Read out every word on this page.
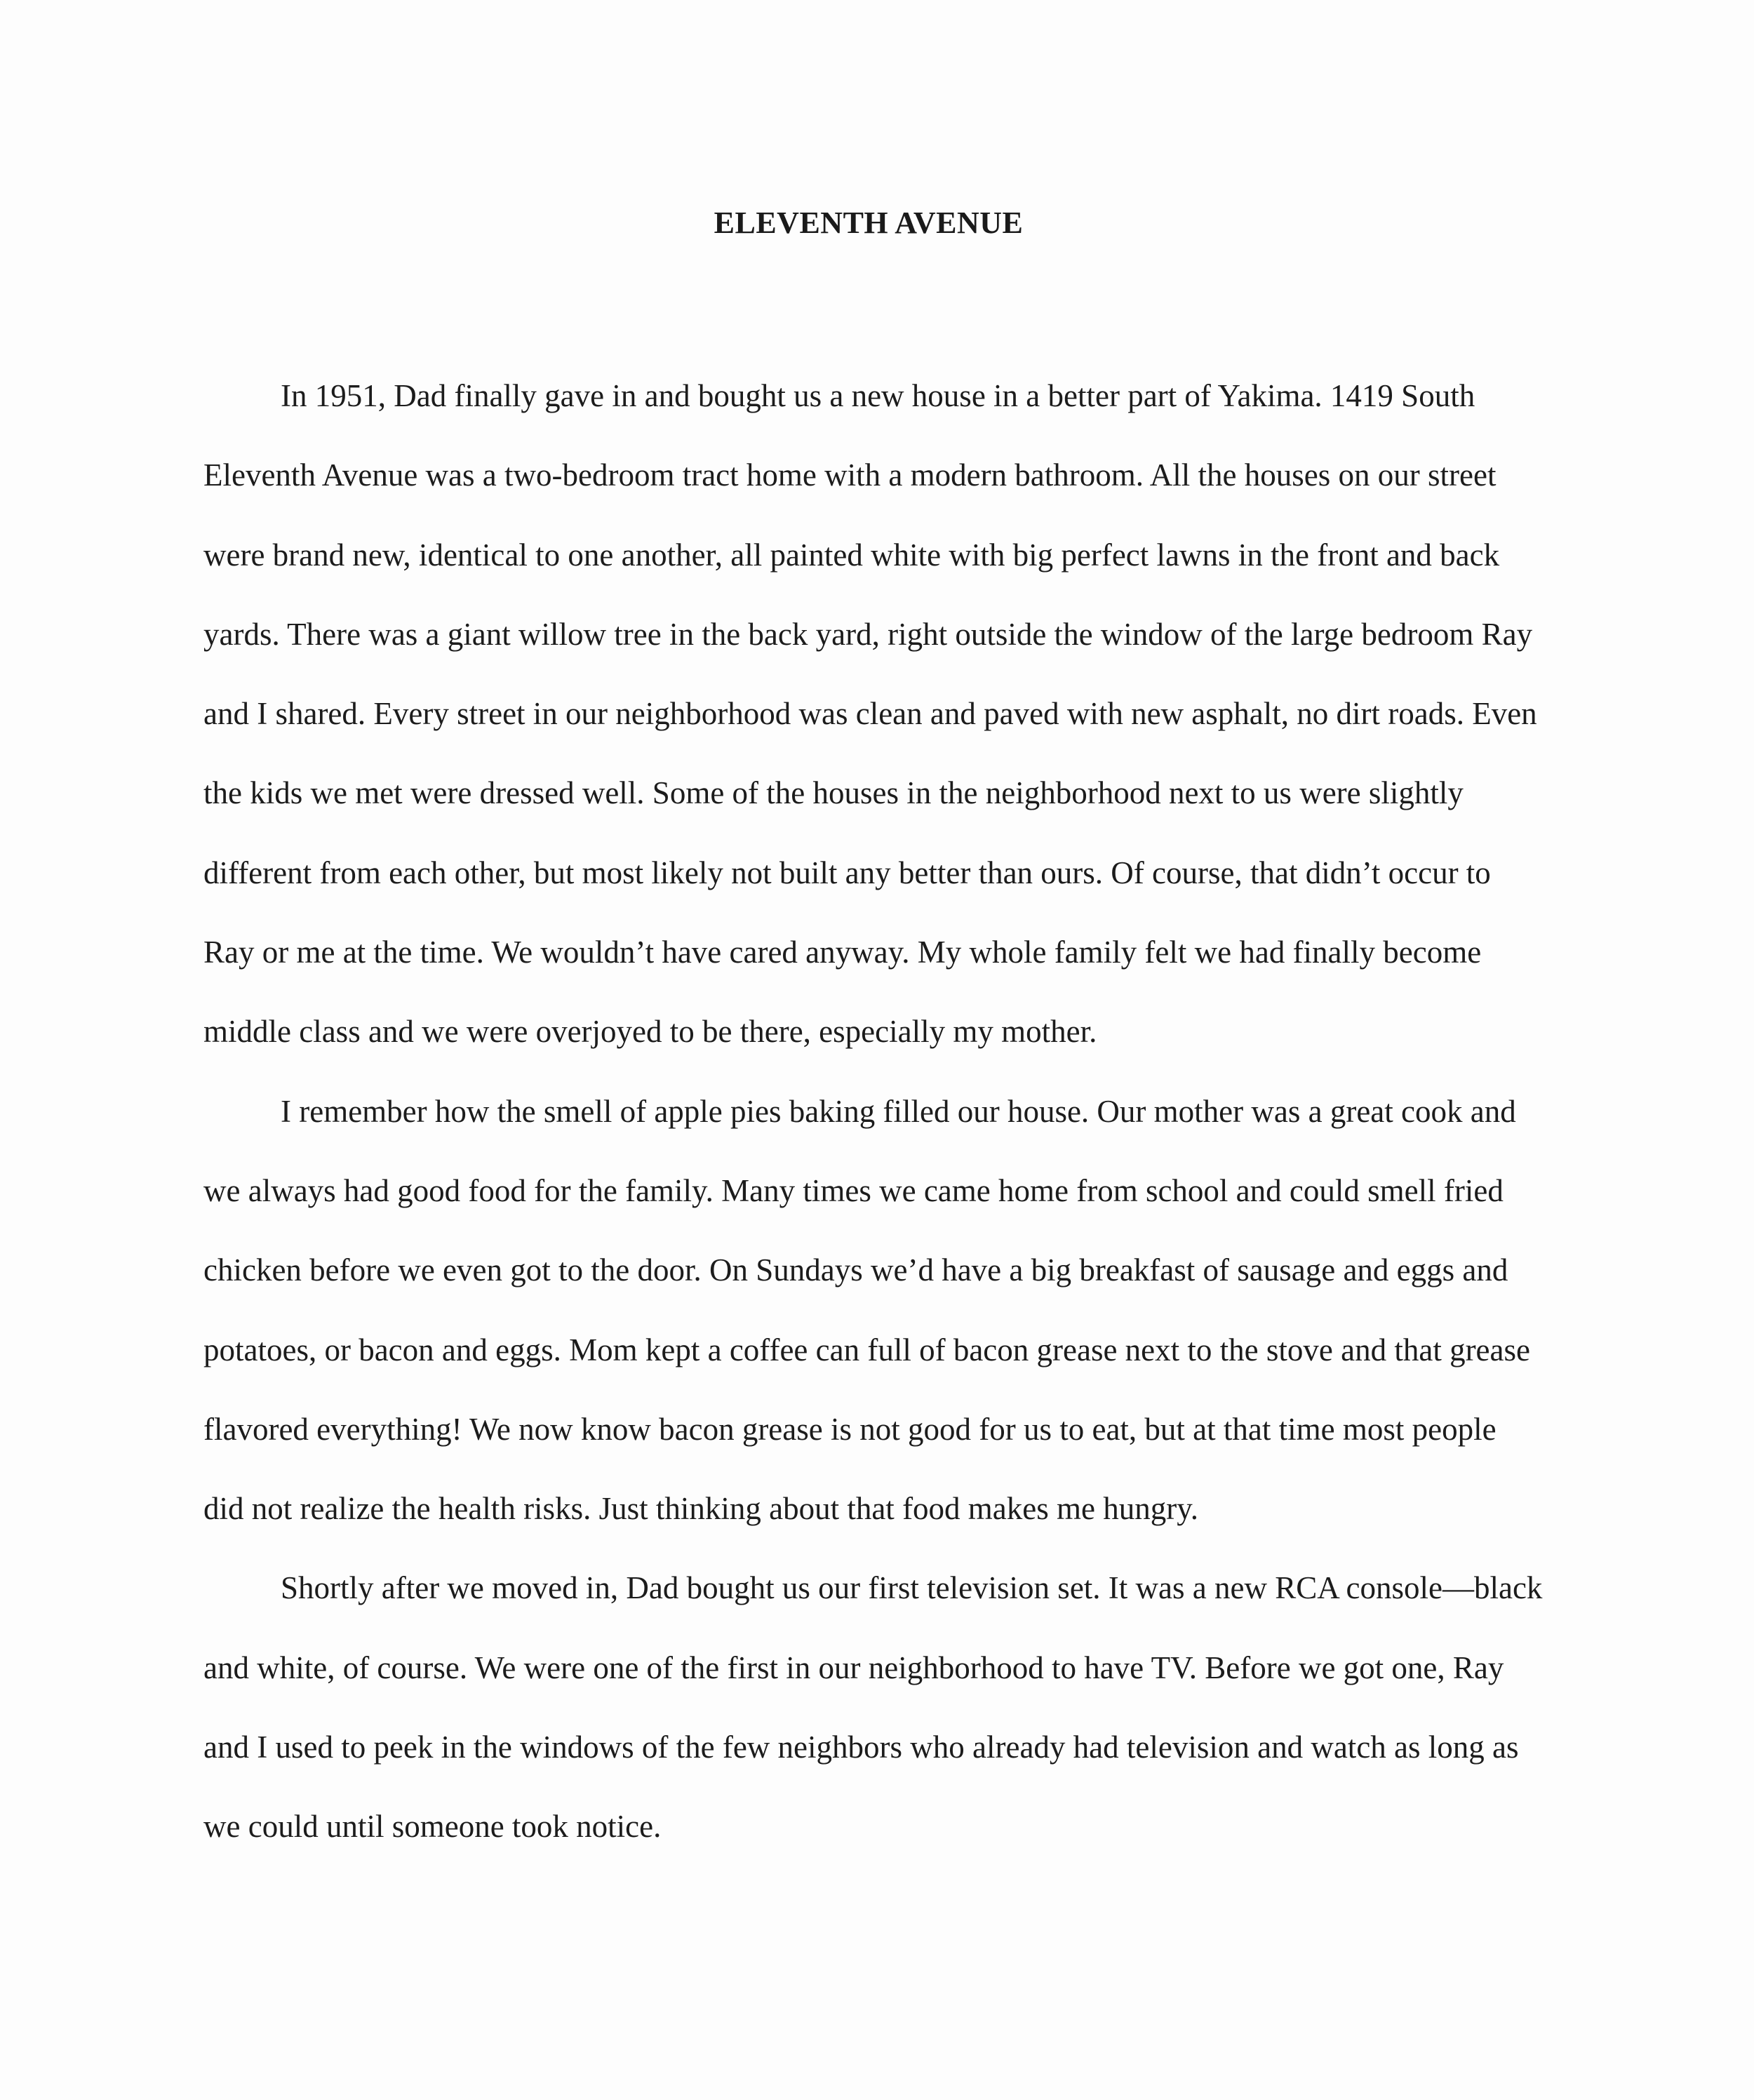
ELEVENTH AVENUE

In 1951, Dad finally gave in and bought us a new house in a better part of Yakima. 1419 South Eleventh Avenue was a two-bedroom tract home with a modern bathroom. All the houses on our street were brand new, identical to one another, all painted white with big perfect lawns in the front and back yards. There was a giant willow tree in the back yard, right outside the window of the large bedroom Ray and I shared. Every street in our neighborhood was clean and paved with new asphalt, no dirt roads. Even the kids we met were dressed well. Some of the houses in the neighborhood next to us were slightly different from each other, but most likely not built any better than ours. Of course, that didn’t occur to Ray or me at the time. We wouldn’t have cared anyway. My whole family felt we had finally become middle class and we were overjoyed to be there, especially my mother.

I remember how the smell of apple pies baking filled our house. Our mother was a great cook and we always had good food for the family. Many times we came home from school and could smell fried chicken before we even got to the door. On Sundays we’d have a big breakfast of sausage and eggs and potatoes, or bacon and eggs. Mom kept a coffee can full of bacon grease next to the stove and that grease flavored everything! We now know bacon grease is not good for us to eat, but at that time most people did not realize the health risks. Just thinking about that food makes me hungry.

Shortly after we moved in, Dad bought us our first television set. It was a new RCA console—black and white, of course. We were one of the first in our neighborhood to have TV. Before we got one, Ray and I used to peek in the windows of the few neighbors who already had television and watch as long as we could until someone took notice.
